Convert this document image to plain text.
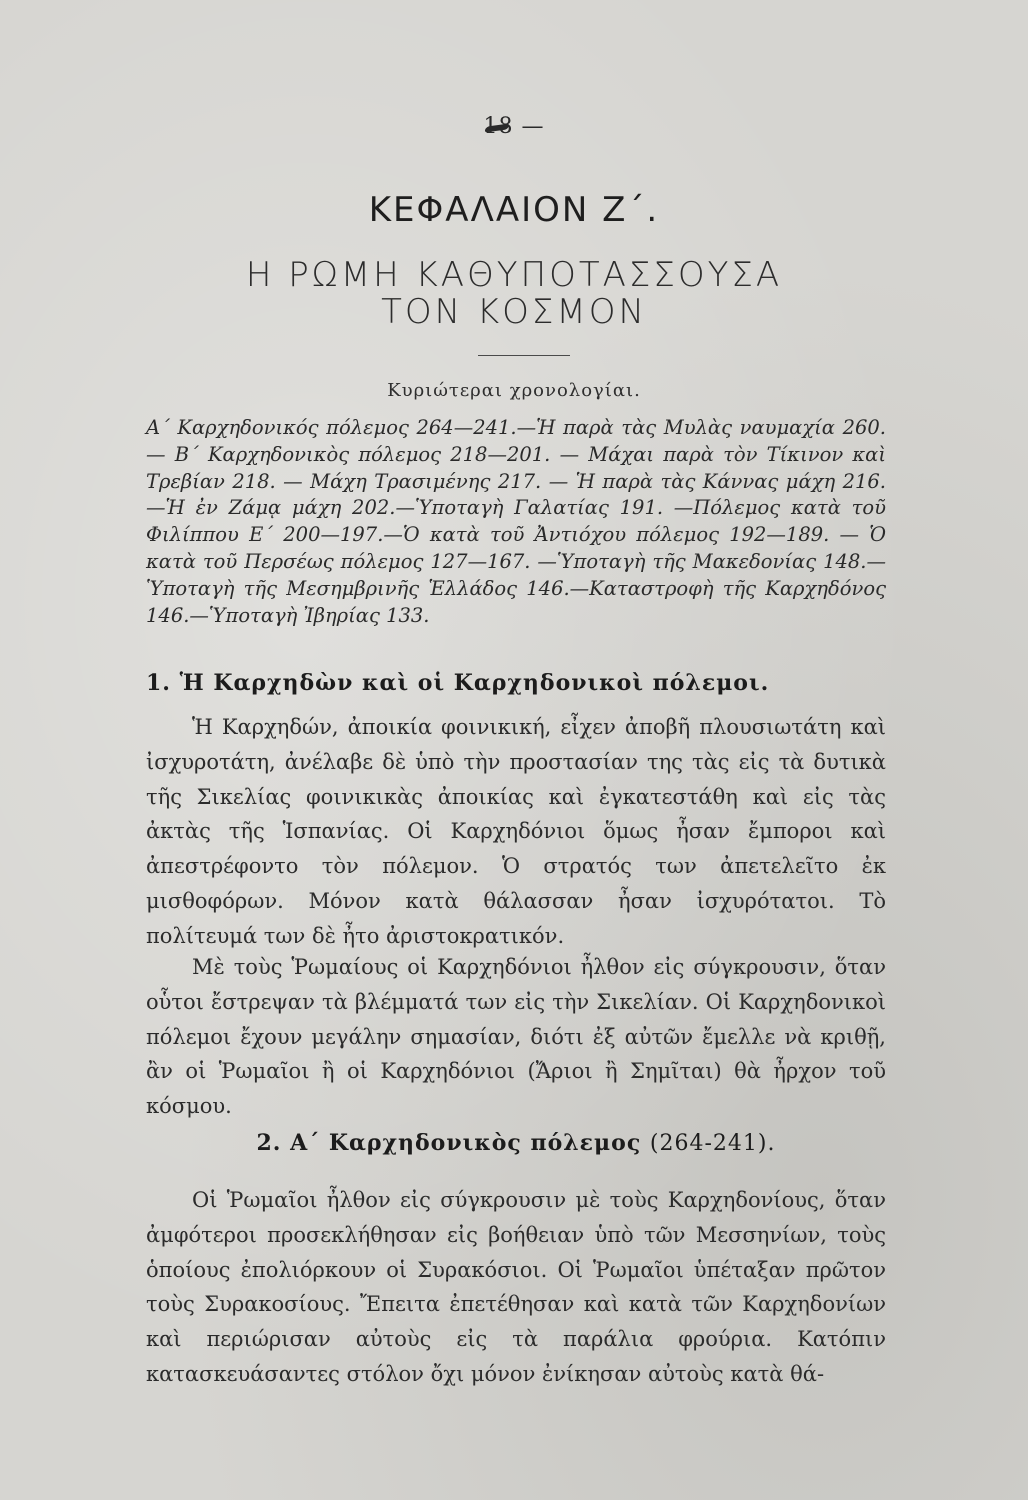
18 —
ΚΕΦΑΛΑΙΟΝ Ζ΄.
Η ΡΩΜΗ ΚΑΘΥΠΟΤΑΣΣΟΥΣΑ
ΤΟΝ ΚΟΣΜΟΝ
Κυριώτεραι χρονολογίαι.
Α΄ Καρχηδονικός πόλεμος 264—241.—Ἡ παρὰ τὰς Μυλὰς ναυμαχία 260. — Β΄ Καρχηδονικὸς πόλεμος 218—201. — Μάχαι παρὰ τὸν Τίκινον καὶ Τρεβίαν 218. — Μάχη Τρασιμένης 217. — Ἡ παρὰ τὰς Κάννας μάχη 216.—Ἡ ἐν Ζάμᾳ μάχη 202.—Ὑποταγὴ Γαλατίας 191. —Πόλεμος κατὰ τοῦ Φιλίππου Ε΄ 200—197.—Ὁ κατὰ τοῦ Ἀντιόχου πόλεμος 192—189. — Ὁ κατὰ τοῦ Περσέως πόλεμος 127—167. —Ὑποταγὴ τῆς Μακεδονίας 148.—Ὑποταγὴ τῆς Μεσημβρινῆς Ἑλλάδος 146.—Καταστροφὴ τῆς Καρχηδόνος 146.—Ὑποταγὴ Ἰβηρίας 133.
1. Ἡ Καρχηδὼν καὶ οἱ Καρχηδονικοὶ πόλεμοι.
Ἡ Καρχηδών, ἀποικία φοινικική, εἶχεν ἀποβῆ πλουσιωτάτη καὶ ἰσχυροτάτη, ἀνέλαβε δὲ ὑπὸ τὴν προστασίαν της τὰς εἰς τὰ δυτικὰ τῆς Σικελίας φοινικικὰς ἀποικίας καὶ ἐγκατεστάθη καὶ εἰς τὰς ἀκτὰς τῆς Ἱσπανίας. Οἱ Καρχηδόνιοι ὅμως ἦσαν ἔμποροι καὶ ἀπεστρέφοντο τὸν πόλεμον. Ὁ στρατός των ἀπετελεῖτο ἐκ μισθοφόρων. Μόνον κατὰ θάλασσαν ἦσαν ἰσχυρότατοι. Τὸ πολίτευμά των δὲ ἦτο ἀριστοκρατικόν.
Μὲ τοὺς Ῥωμαίους οἱ Καρχηδόνιοι ἦλθον εἰς σύγκρουσιν, ὅταν οὗτοι ἔστρεψαν τὰ βλέμματά των εἰς τὴν Σικελίαν. Οἱ Καρχηδονικοὶ πόλεμοι ἔχουν μεγάλην σημασίαν, διότι ἐξ αὐτῶν ἔμελλε νὰ κριθῇ, ἂν οἱ Ῥωμαῖοι ἢ οἱ Καρχηδόνιοι (Ἄριοι ἢ Σημῖται) θὰ ἦρχον τοῦ κόσμου.
2. Α΄ Καρχηδονικὸς πόλεμος (264-241).
Οἱ Ῥωμαῖοι ἦλθον εἰς σύγκρουσιν μὲ τοὺς Καρχηδονίους, ὅταν ἀμφότεροι προσεκλήθησαν εἰς βοήθειαν ὑπὸ τῶν Μεσσηνίων, τοὺς ὁποίους ἐπολιόρκουν οἱ Συρακόσιοι. Οἱ Ῥωμαῖοι ὑπέταξαν πρῶτον τοὺς Συρακοσίους. Ἔπειτα ἐπετέθησαν καὶ κατὰ τῶν Καρχηδονίων καὶ περιώρισαν αὐτοὺς εἰς τὰ παράλια φρούρια. Κατόπιν κατασκευάσαντες στόλον ὄχι μόνον ἐνίκησαν αὐτοὺς κατὰ θά-
